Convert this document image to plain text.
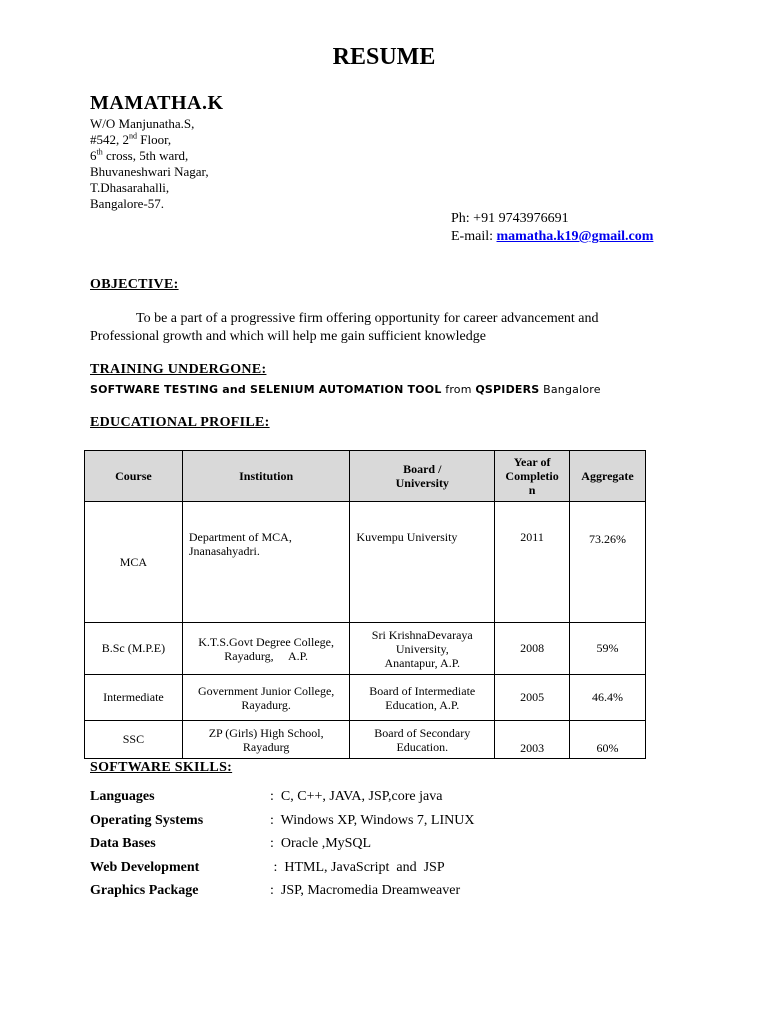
RESUME
MAMATHA.K
W/O Manjunatha.S,
#542, 2nd Floor,
6th cross, 5th ward,
Bhuvaneshwari Nagar,
T.Dhasarahalli,
Bangalore-57.
Ph: +91 9743976691
E-mail: mamatha.k19@gmail.com
OBJECTIVE:
To be a part of a progressive firm offering opportunity for career advancement and
Professional growth and which will help me gain sufficient knowledge
TRAINING UNDERGONE:
SOFTWARE TESTING and SELENIUM AUTOMATION TOOL from QSPIDERS Bangalore
EDUCATIONAL PROFILE:
Course	Institution	Board /
University	Year of
Completio
n	Aggregate
MCA	Department of MCA,
Jnanasahyadri.	Kuvempu University	2011	73.26%
B.Sc (M.P.E)	K.T.S.Govt Degree College,
Rayadurg,     A.P.	Sri KrishnaDevaraya
University,
Anantapur, A.P.	2008	59%
Intermediate	Government Junior College,
Rayadurg.	Board of Intermediate
Education, A.P.	2005	46.4%
SSC	ZP (Girls) High School,
Rayadurg	Board of Secondary
Education.	2003	60%
SOFTWARE SKILLS:
Languages	:  C, C++, JAVA, JSP,core java
Operating Systems	:  Windows XP, Windows 7, LINUX
Data Bases	:  Oracle ,MySQL
Web Development	:  HTML, JavaScript  and  JSP
Graphics Package	:  JSP, Macromedia Dreamweaver
